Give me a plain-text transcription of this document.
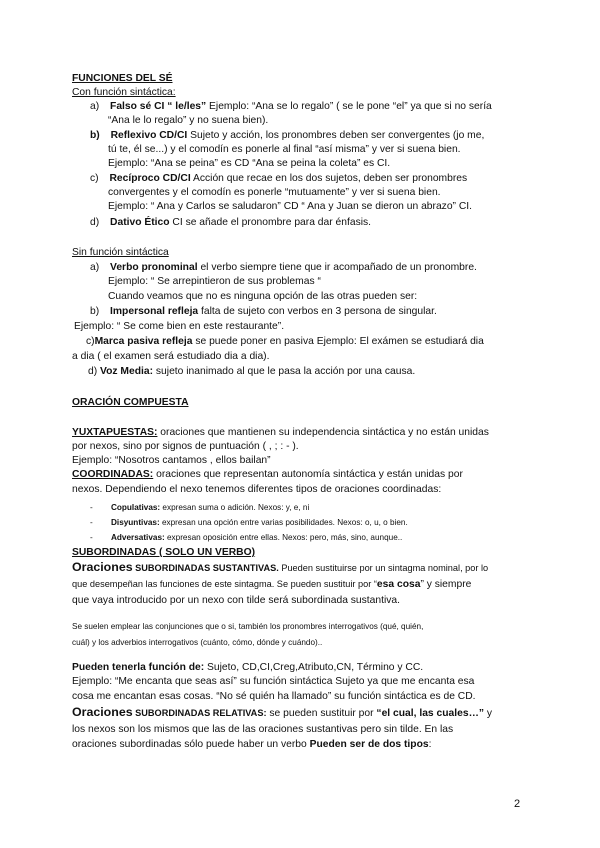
FUNCIONES DEL SÉ
Con función sintáctica:
a) Falso sé CI “ le/les” Ejemplo: “Ana se lo regalo” ( se le pone “el” ya que si no sería
“Ana le lo regalo” y no suena bien).
b) Reflexivo CD/CI Sujeto y acción, los pronombres deben ser convergentes (jo me,
tú te, él se...) y el comodín es ponerle al final “así misma” y ver si suena bien.
Ejemplo: “Ana se peina” es CD “Ana se peina la coleta” es CI.
c) Recíproco CD/CI Acción que recae en los dos sujetos, deben ser pronombres
convergentes y el comodín es ponerle “mutuamente” y ver si suena bien.
Ejemplo: “ Ana y Carlos se saludaron” CD “ Ana y Juan se dieron un abrazo” CI.
d) Dativo Ético CI se añade el pronombre para dar énfasis.
Sin función sintáctica
a) Verbo pronominal el verbo siempre tiene que ir acompañado de un pronombre.
Ejemplo: “ Se arrepintieron de sus problemas “
Cuando veamos que no es ninguna opción de las otras pueden ser:
b) Impersonal refleja falta de sujeto con verbos en 3 persona de singular.
Ejemplo: “ Se come bien en este restaurante”.
c)Marca pasiva refleja se puede poner en pasiva Ejemplo: El exámen se estudiará dia
a dia ( el examen será estudiado dia a dia).
d) Voz Media: sujeto inanimado al que le pasa la acción por una causa.
ORACIÓN COMPUESTA
YUXTAPUESTAS: oraciones que mantienen su independencia sintáctica y no están unidas
por nexos, sino por signos de puntuación ( , ; : - ).
Ejemplo: “Nosotros cantamos , ellos bailan”
COORDINADAS: oraciones que representan autonomía sintáctica y están unidas por
nexos. Dependiendo el nexo tenemos diferentes tipos de oraciones coordinadas:
- Copulativas: expresan suma o adición. Nexos: y, e, ni
- Disyuntivas: expresan una opción entre varias posibilidades. Nexos: o, u, o bien.
- Adversativas: expresan oposición entre ellas. Nexos: pero, más, sino, aunque..
SUBORDINADAS ( SOLO UN VERBO)
Oraciones SUBORDINADAS SUSTANTIVAS. Pueden sustituirse por un sintagma nominal, por lo
que desempeñan las funciones de este sintagma. Se pueden sustituir por “esa cosa” y siempre
que vaya introducido por un nexo con tilde será subordinada sustantiva.
Se suelen emplear las conjunciones que o si, también los pronombres interrogativos (qué, quién,
cuál) y los adverbios interrogativos (cuánto, cómo, dónde y cuándo)..
Pueden tenerla función de: Sujeto, CD,CI,Creg,Atributo,CN, Término y CC.
Ejemplo: “Me encanta que seas así” su función sintáctica Sujeto ya que me encanta esa
cosa me encantan esas cosas. “No sé quién ha llamado” su función sintáctica es de CD.
Oraciones SUBORDINADAS RELATIVAS: se pueden sustituir por “el cual, las cuales…” y
los nexos son los mismos que las de las oraciones sustantivas pero sin tilde. En las
oraciones subordinadas sólo puede haber un verbo Pueden ser de dos tipos:
2
